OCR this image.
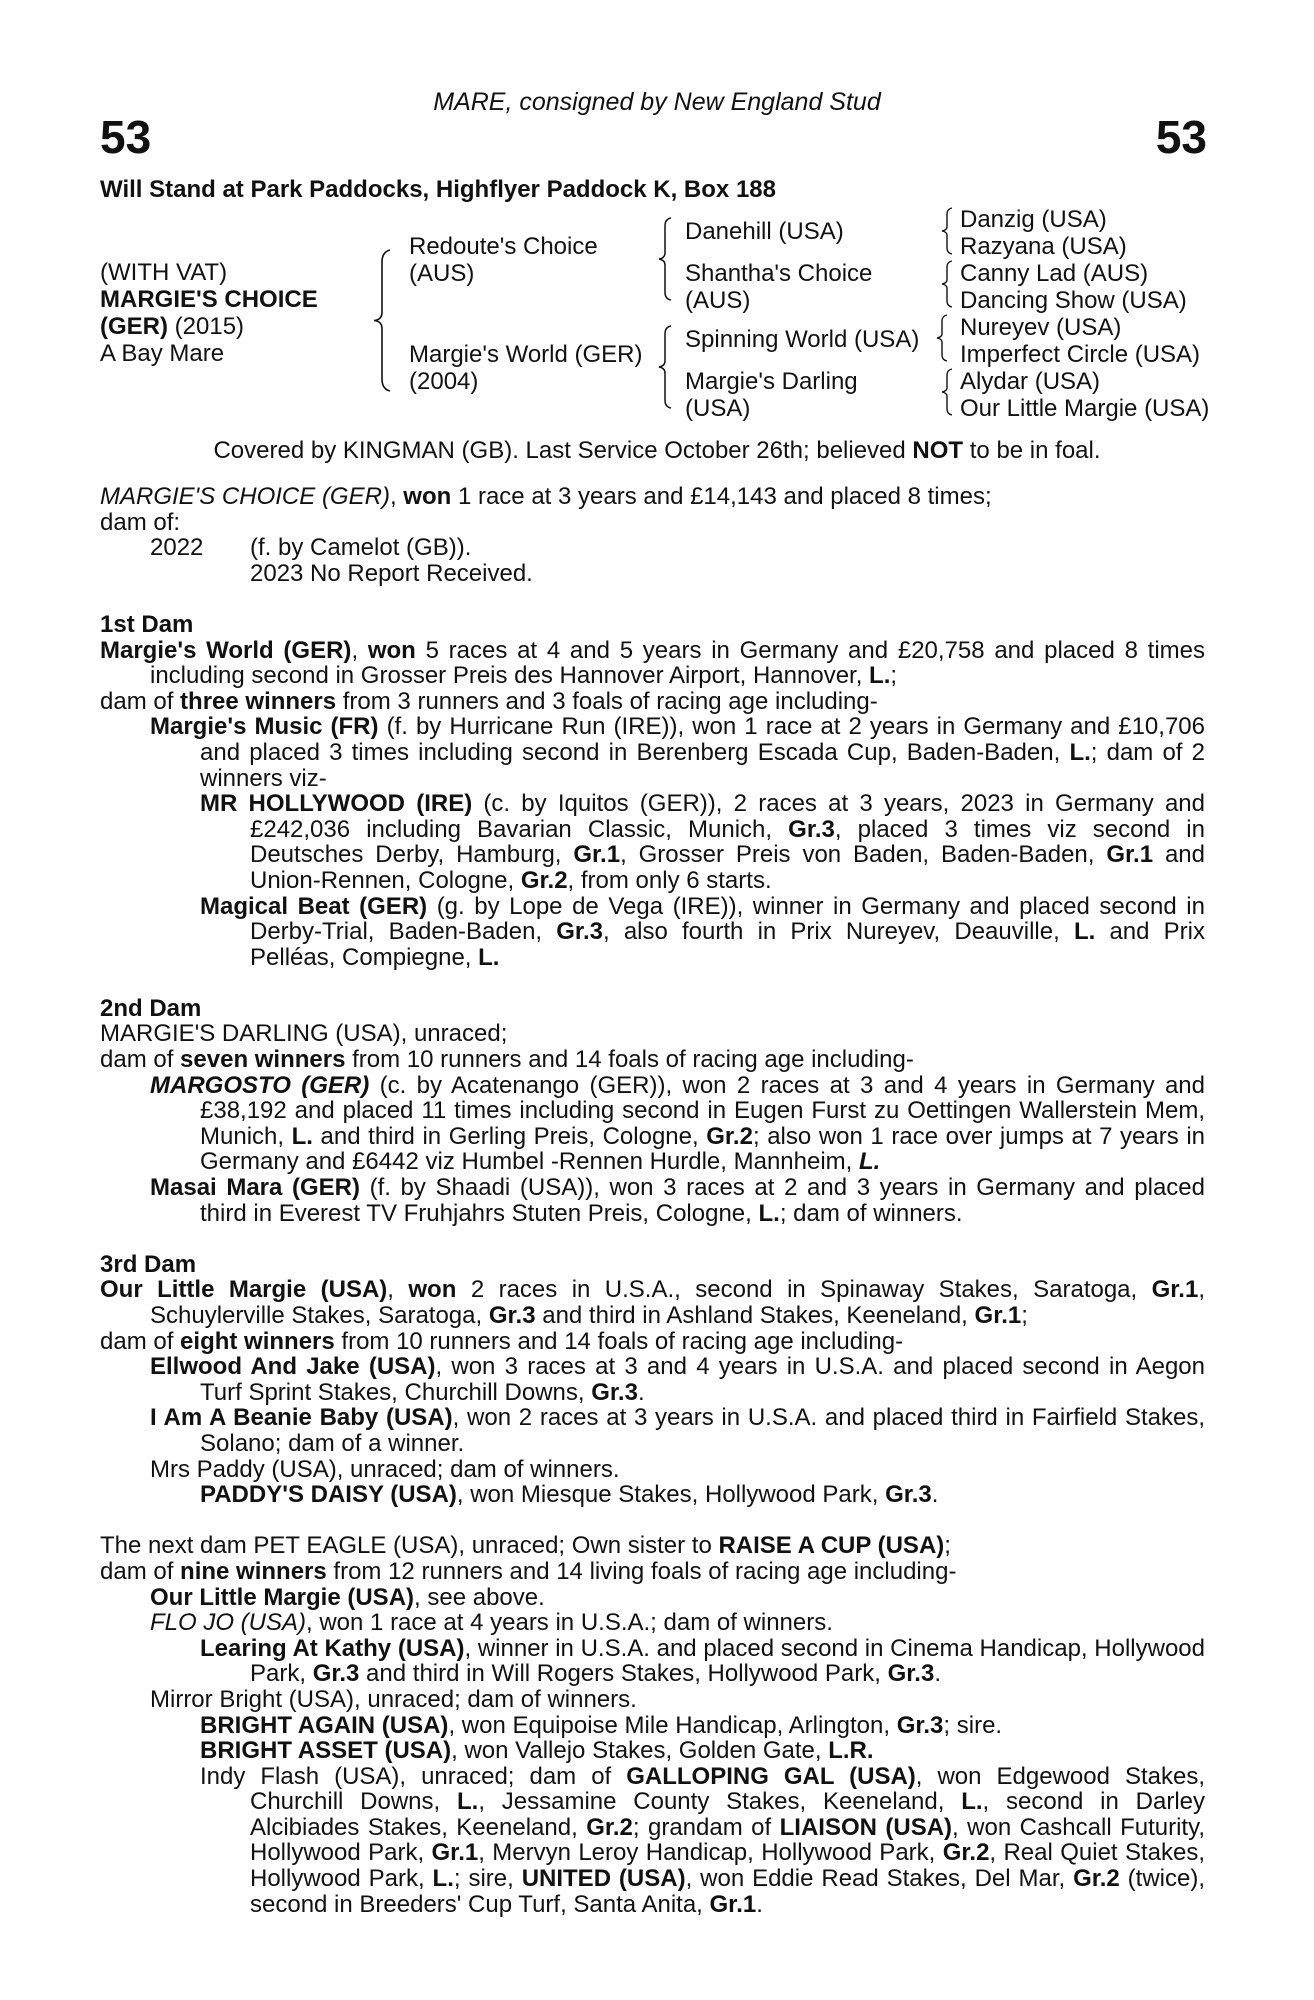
MARE, consigned by New England Stud
53	53
Will Stand at Park Paddocks, Highflyer Paddock K, Box 188
(WITH VAT)
MARGIE'S CHOICE
(GER) (2015)
A Bay Mare
Redoute's Choice
(AUS)
Margie's World (GER)
(2004)
Danehill (USA)
Shantha's Choice
(AUS)
Spinning World (USA)
Margie's Darling
(USA)
Danzig (USA)
Razyana (USA)
Canny Lad (AUS)
Dancing Show (USA)
Nureyev (USA)
Imperfect Circle (USA)
Alydar (USA)
Our Little Margie (USA)
Covered by KINGMAN (GB). Last Service October 26th; believed NOT to be in foal.

MARGIE'S CHOICE (GER), won 1 race at 3 years and £14,143 and placed 8 times;

dam of:

2022 (f. by Camelot (GB)).

2023 No Report Received.

1st Dam

Margie's World (GER), won 5 races at 4 and 5 years in Germany and £20,758 and placed 8 times including second in Grosser Preis des Hannover Airport, Hannover, L.;

dam of three winners from 3 runners and 3 foals of racing age including-

Margie's Music (FR) (f. by Hurricane Run (IRE)), won 1 race at 2 years in Germany and £10,706 and placed 3 times including second in Berenberg Escada Cup, Baden-Baden, L.; dam of 2 winners viz-

MR HOLLYWOOD (IRE) (c. by Iquitos (GER)), 2 races at 3 years, 2023 in Germany and £242,036 including Bavarian Classic, Munich, Gr.3, placed 3 times viz second in Deutsches Derby, Hamburg, Gr.1, Grosser Preis von Baden, Baden-Baden, Gr.1 and Union-Rennen, Cologne, Gr.2, from only 6 starts.

Magical Beat (GER) (g. by Lope de Vega (IRE)), winner in Germany and placed second in Derby-Trial, Baden-Baden, Gr.3, also fourth in Prix Nureyev, Deauville, L. and Prix Pelléas, Compiegne, L.

2nd Dam

MARGIE'S DARLING (USA), unraced;

dam of seven winners from 10 runners and 14 foals of racing age including-

MARGOSTO (GER) (c. by Acatenango (GER)), won 2 races at 3 and 4 years in Germany and £38,192 and placed 11 times including second in Eugen Furst zu Oettingen Wallerstein Mem, Munich, L. and third in Gerling Preis, Cologne, Gr.2; also won 1 race over jumps at 7 years in Germany and £6442 viz Humbel -Rennen Hurdle, Mannheim, L.

Masai Mara (GER) (f. by Shaadi (USA)), won 3 races at 2 and 3 years in Germany and placed third in Everest TV Fruhjahrs Stuten Preis, Cologne, L.; dam of winners.

3rd Dam

Our Little Margie (USA), won 2 races in U.S.A., second in Spinaway Stakes, Saratoga, Gr.1, Schuylerville Stakes, Saratoga, Gr.3 and third in Ashland Stakes, Keeneland, Gr.1;

dam of eight winners from 10 runners and 14 foals of racing age including-

Ellwood And Jake (USA), won 3 races at 3 and 4 years in U.S.A. and placed second in Aegon Turf Sprint Stakes, Churchill Downs, Gr.3.

I Am A Beanie Baby (USA), won 2 races at 3 years in U.S.A. and placed third in Fairfield Stakes, Solano; dam of a winner.

Mrs Paddy (USA), unraced; dam of winners.

PADDY'S DAISY (USA), won Miesque Stakes, Hollywood Park, Gr.3.

The next dam PET EAGLE (USA), unraced; Own sister to RAISE A CUP (USA);

dam of nine winners from 12 runners and 14 living foals of racing age including-

Our Little Margie (USA), see above.

FLO JO (USA), won 1 race at 4 years in U.S.A.; dam of winners.

Learing At Kathy (USA), winner in U.S.A. and placed second in Cinema Handicap, Hollywood Park, Gr.3 and third in Will Rogers Stakes, Hollywood Park, Gr.3.

Mirror Bright (USA), unraced; dam of winners.

BRIGHT AGAIN (USA), won Equipoise Mile Handicap, Arlington, Gr.3; sire.

BRIGHT ASSET (USA), won Vallejo Stakes, Golden Gate, L.R.

Indy Flash (USA), unraced; dam of GALLOPING GAL (USA), won Edgewood Stakes, Churchill Downs, L., Jessamine County Stakes, Keeneland, L., second in Darley Alcibiades Stakes, Keeneland, Gr.2; grandam of LIAISON (USA), won Cashcall Futurity, Hollywood Park, Gr.1, Mervyn Leroy Handicap, Hollywood Park, Gr.2, Real Quiet Stakes, Hollywood Park, L.; sire, UNITED (USA), won Eddie Read Stakes, Del Mar, Gr.2 (twice), second in Breeders' Cup Turf, Santa Anita, Gr.1.
